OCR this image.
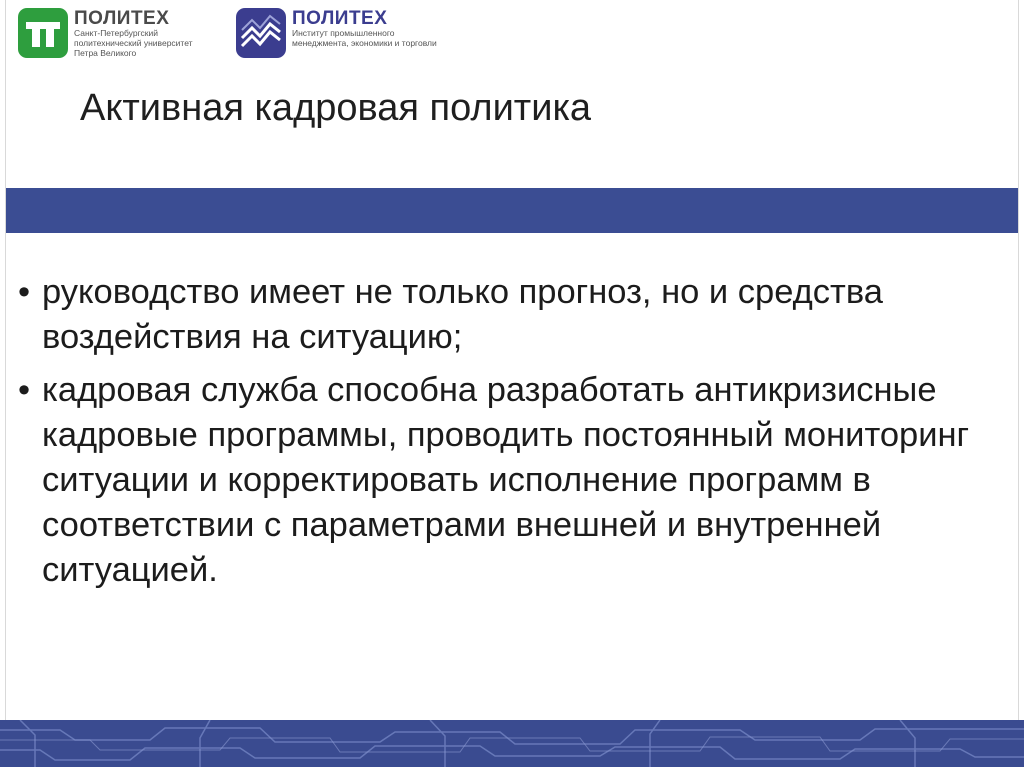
ПОЛИТЕХ
Санкт-Петербургский
политехнический университет
Петра Великого
ПОЛИТЕХ
Институт промышленного
менеджмента, экономики и торговли
Активная кадровая политика
• руководство имеет не только прогноз, но и средства воздействия на ситуацию;
• кадровая служба способна разработать антикризисные кадровые программы, проводить постоянный мониторинг ситуации и корректировать исполнение программ в соответствии с параметрами внешней и внутренней ситуацией.
